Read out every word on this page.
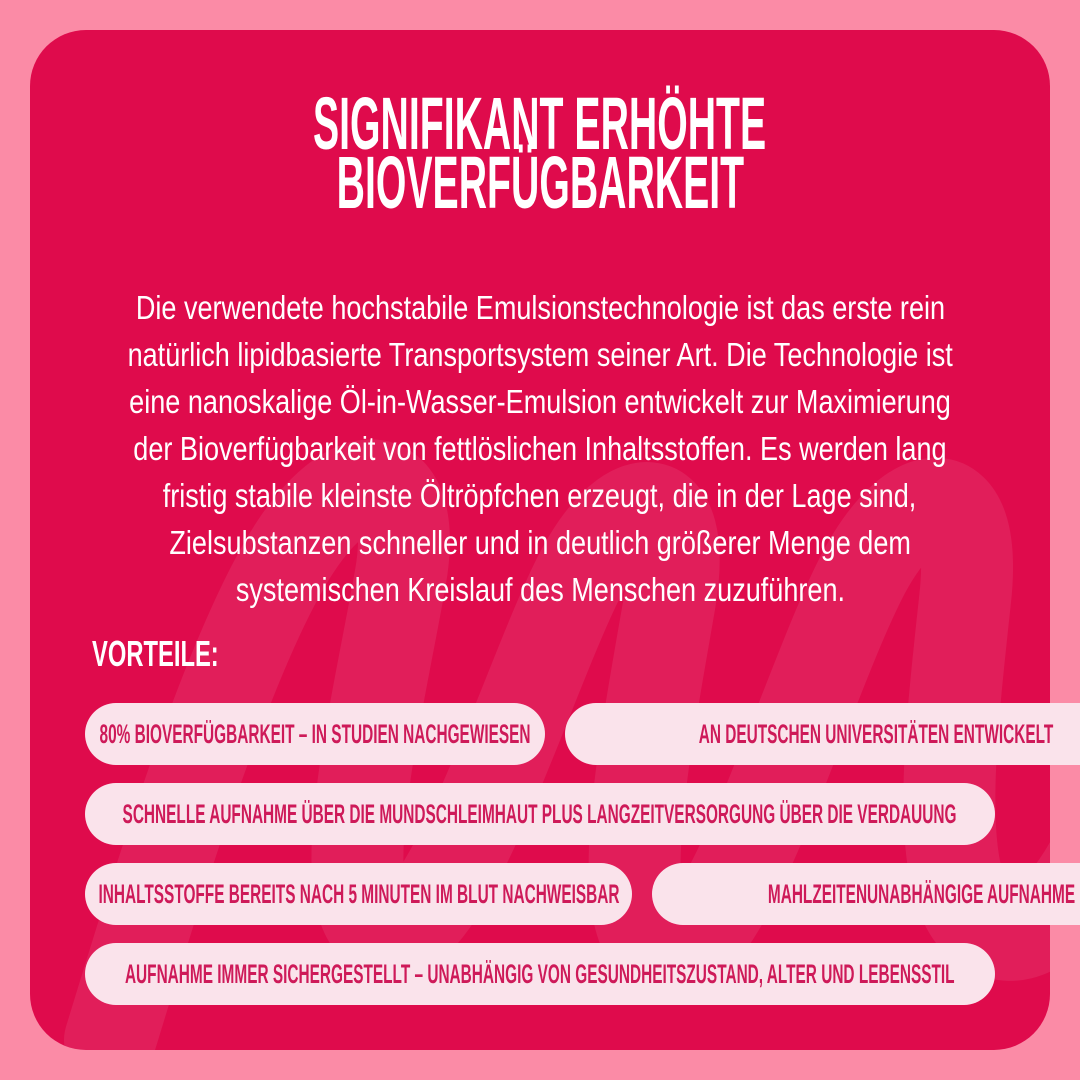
SIGNIFIKANT ERHÖHTE
BIOVERFÜGBARKEIT
Die verwendete hochstabile Emulsionstechnologie ist das erste rein
natürlich lipidbasierte Transportsystem seiner Art. Die Technologie ist
eine nanoskalige Öl-in-Wasser-Emulsion entwickelt zur Maximierung
der Bioverfügbarkeit von fettlöslichen Inhaltsstoffen. Es werden lang
fristig stabile kleinste Öltröpfchen erzeugt, die in der Lage sind,
Zielsubstanzen schneller und in deutlich größerer Menge dem
systemischen Kreislauf des Menschen zuzuführen.
VORTEILE:
80% BIOVERFÜGBARKEIT – IN STUDIEN NACHGEWIESEN	AN DEUTSCHEN UNIVERSITÄTEN ENTWICKELT
SCHNELLE AUFNAHME ÜBER DIE MUNDSCHLEIMHAUT PLUS LANGZEITVERSORGUNG ÜBER DIE VERDAUUNG
INHALTSSTOFFE BEREITS NACH 5 MINUTEN IM BLUT NACHWEISBAR	MAHLZEITENUNABHÄNGIGE AUFNAHME
AUFNAHME IMMER SICHERGESTELLT – UNABHÄNGIG VON GESUNDHEITSZUSTAND, ALTER UND LEBENSSTIL
